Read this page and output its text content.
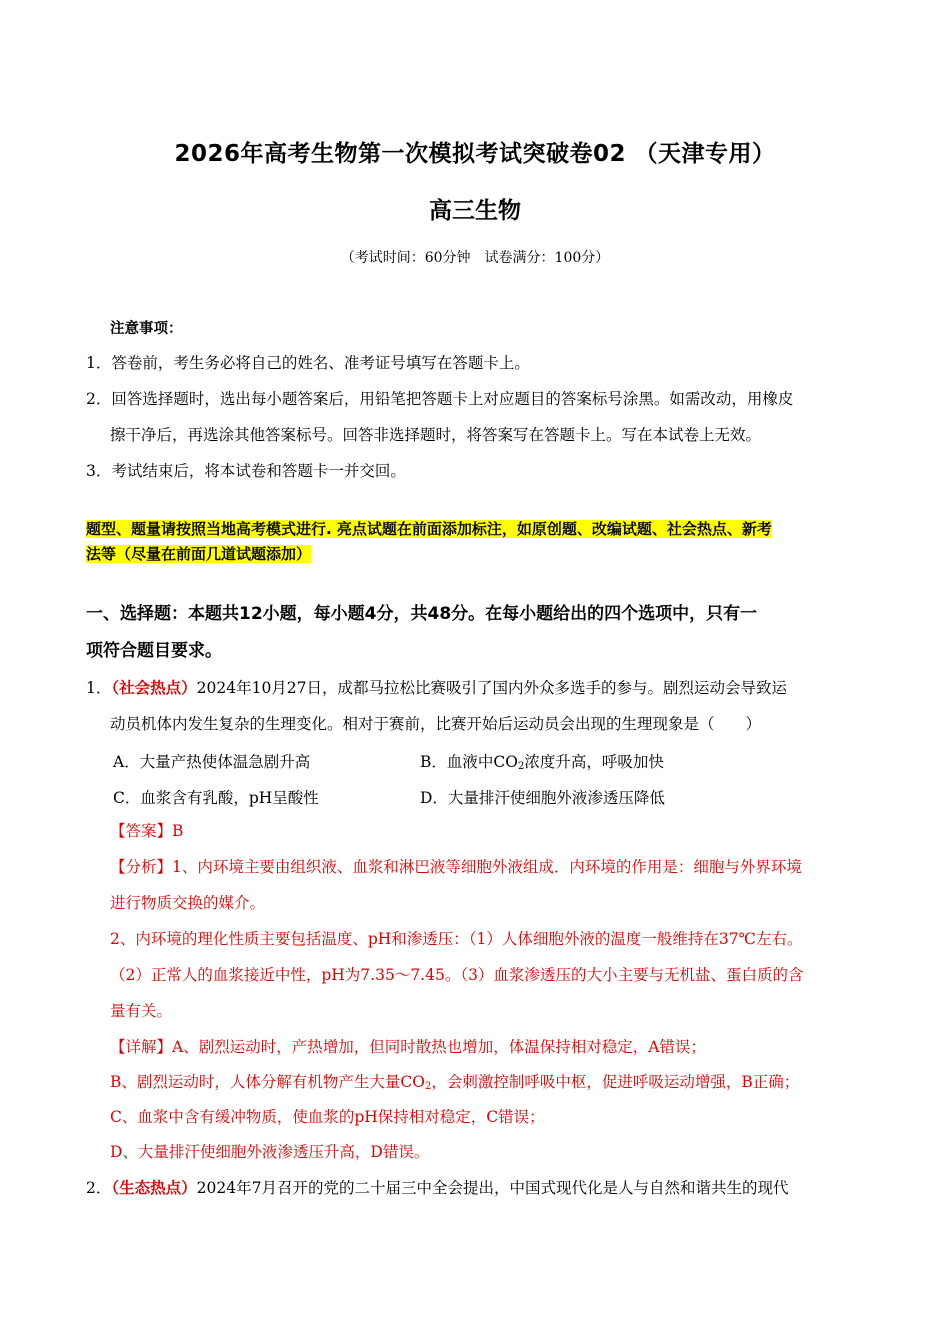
2026年高考生物第一次模拟考试突破卷02 （天津专用）
高三生物
（考试时间：60分钟　试卷满分：100分）
注意事项：
1．答卷前，考生务必将自己的姓名、准考证号填写在答题卡上。
2．回答选择题时，选出每小题答案后，用铅笔把答题卡上对应题目的答案标号涂黑。如需改动，用橡皮
擦干净后，再选涂其他答案标号。回答非选择题时，将答案写在答题卡上。写在本试卷上无效。
3．考试结束后，将本试卷和答题卡一并交回。
题型、题量请按照当地高考模式进行. 亮点试题在前面添加标注，如原创题、改编试题、社会热点、新考
法等（尽量在前面几道试题添加）
一、选择题：本题共12小题，每小题4分，共48分。在每小题给出的四个选项中，只有一
项符合题目要求。
1．（社会热点）2024年10月27日，成都马拉松比赛吸引了国内外众多选手的参与。剧烈运动会导致运
动员机体内发生复杂的生理变化。相对于赛前，比赛开始后运动员会出现的生理现象是（　　）
A．大量产热使体温急剧升高	B．血液中$CO_2$浓度升高，呼吸加快
C．血浆含有乳酸，pH呈酸性	D．大量排汗使细胞外液渗透压降低
【答案】B
【分析】1、内环境主要由组织液、血浆和淋巴液等细胞外液组成．内环境的作用是：细胞与外界环境
进行物质交换的媒介。
2、内环境的理化性质主要包括温度、pH和渗透压：（1）人体细胞外液的温度一般维持在37℃左右。
（2）正常人的血浆接近中性，pH为7.35～7.45。（3）血浆渗透压的大小主要与无机盐、蛋白质的含
量有关。
【详解】A、剧烈运动时，产热增加，但同时散热也增加，体温保持相对稳定，A错误；
B、剧烈运动时，人体分解有机物产生大量$CO_2$，会刺激控制呼吸中枢，促进呼吸运动增强，B正确；
C、血浆中含有缓冲物质，使血浆的pH保持相对稳定，C错误；
D、大量排汗使细胞外液渗透压升高，D错误。
2．（生态热点）2024年7月召开的党的二十届三中全会提出，中国式现代化是人与自然和谐共生的现代
